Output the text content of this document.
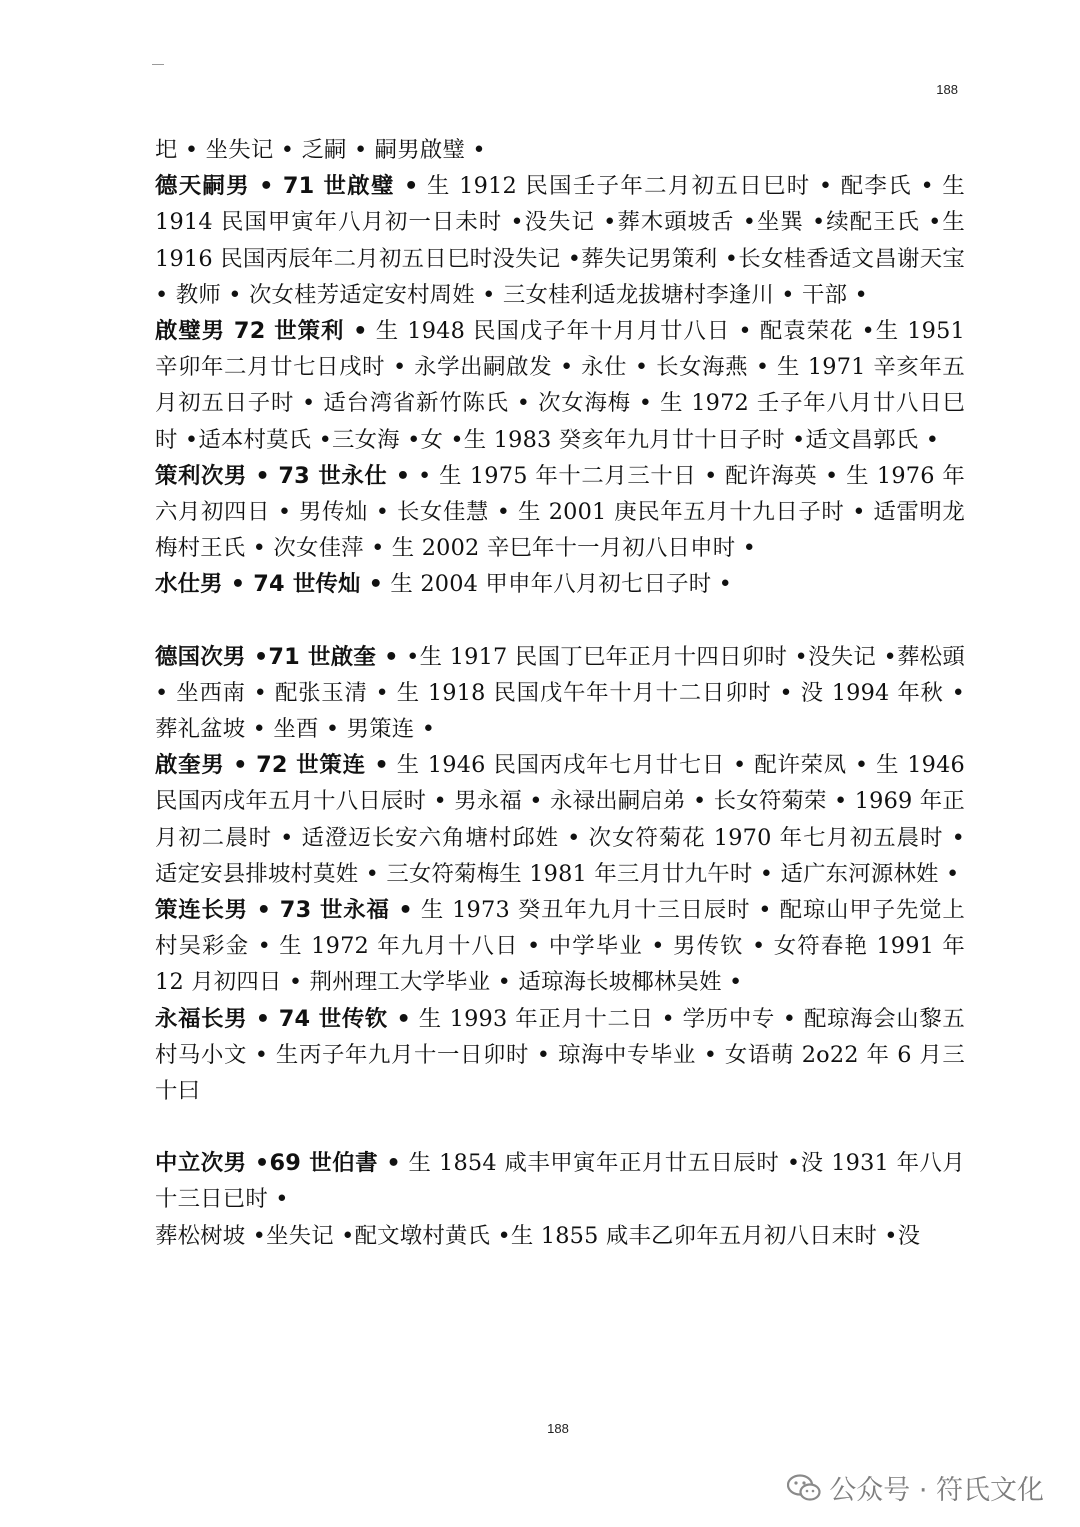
188

圯 • 坐失记 • 乏嗣 • 嗣男啟璧 •

德天嗣男 • 71 世啟璧 • 生 1912 民国壬子年二月初五日巳时 • 配李氏 • 生 1914 民国甲寅年八月初一日未时 •没失记 •葬木頭坡舌 •坐巽 •续配王氏 •生 1916 民国丙辰年二月初五日巳时没失记 •葬失记男策利 •长女桂香适文昌谢天宝 • 教师 • 次女桂芳适定安村周姓 • 三女桂利适龙拔塘村李逢川 • 干部 •

啟璧男 72 世策利 • 生 1948 民国戊子年十月月廿八日 • 配袁荣花 •生 1951 辛卯年二月廿七日戌时 • 永学出嗣啟发 • 永仕 • 长女海燕 • 生 1971 辛亥年五月初五日子时 • 适台湾省新竹陈氏 • 次女海梅 • 生 1972 壬子年八月廿八日巳时 •适本村莫氏 •三女海 •女 •生 1983 癸亥年九月廿十日子时 •适文昌郭氏 •

策利次男 • 73 世永仕 • • 生 1975 年十二月三十日 • 配许海英 • 生 1976 年六月初四日 • 男传灿 • 长女佳慧 • 生 2001 庚民年五月十九日子时 • 适雷明龙梅村王氏 • 次女佳萍 • 生 2002 辛巳年十一月初八日申时 •

水仕男 • 74 世传灿 • 生 2004 甲申年八月初七日子时 •

德国次男 •71 世啟奎 • •生 1917 民国丁巳年正月十四日卯时 •没失记 •葬松頭 • 坐西南 • 配张玉清 • 生 1918 民国戊午年十月十二日卯时 • 没 1994 年秋 • 葬礼盆坡 • 坐酉 • 男策连 •

啟奎男 • 72 世策连 • 生 1946 民国丙戌年七月廿七日 • 配许荣凤 • 生 1946 民国丙戌年五月十八日辰时 • 男永福 • 永禄出嗣启弟 • 长女符菊荣 • 1969 年正月初二晨时 • 适澄迈长安六角塘村邱姓 • 次女符菊花 1970 年七月初五晨时 • 适定安县排坡村莫姓 • 三女符菊梅生 1981 年三月廿九午时 • 适广东河源林姓 •

策连长男 • 73 世永福 • 生 1973 癸丑年九月十三日辰时 • 配琼山甲子先觉上村吴彩金 • 生 1972 年九月十八日 • 中学毕业 • 男传钦 • 女符春艳 1991 年 12 月初四日 • 荆州理工大学毕业 • 适琼海长坡椰林吴姓 •

永福长男 • 74 世传钦 • 生 1993 年正月十二日 • 学历中专 • 配琼海会山黎五村马小文 • 生丙子年九月十一日卯时 • 琼海中专毕业 • 女语萌 2o22 年 6 月三十曰

中立次男 •69 世伯書 • 生 1854 咸丰甲寅年正月廿五日辰时 •没 1931 年八月十三日已时 •

葬松树坡 •坐失记 •配文墩村黄氏 •生 1855 咸丰乙卯年五月初八日末时 •没

188
公众号 · 符氏文化
